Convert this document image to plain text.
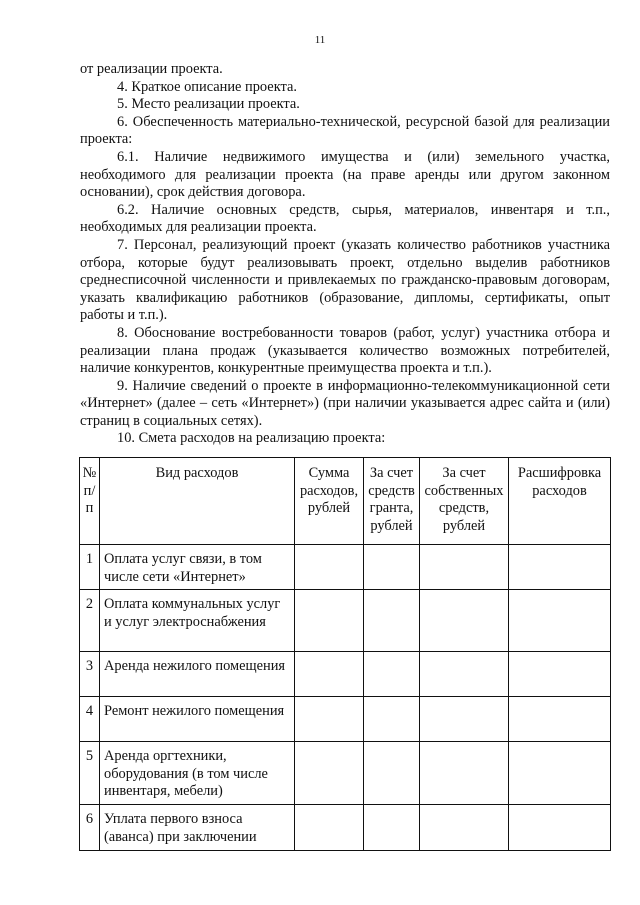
11

от реализации проекта.

4. Краткое описание проекта.

5. Место реализации проекта.

6. Обеспеченность материально-технической, ресурсной базой для реализации проекта:

6.1. Наличие недвижимого имущества и (или) земельного участка, необходимого для реализации проекта (на праве аренды или другом законном основании), срок действия договора.

6.2. Наличие основных средств, сырья, материалов, инвентаря и т.п., необходимых для реализации проекта.

7. Персонал, реализующий проект (указать количество работников участника отбора, которые будут реализовывать проект, отдельно выделив работников среднесписочной численности и привлекаемых по гражданско-правовым договорам, указать квалификацию работников (образование, дипломы, сертификаты, опыт работы и т.п.).

8. Обоснование востребованности товаров (работ, услуг) участника отбора и реализации плана продаж (указывается количество возможных потребителей, наличие конкурентов, конкурентные преимущества проекта и т.п.).

9. Наличие сведений о проекте в информационно-телекоммуникационной сети «Интернет» (далее – сеть «Интернет») (при наличии указывается адрес сайта и (или) страниц в социальных сетях).

10. Смета расходов на реализацию проекта:

№ п/п	Вид расходов	Сумма расходов, рублей	За счет средств гранта, рублей	За счет собственных средств, рублей	Расшифровка расходов
1	Оплата услуг связи, в том числе сети «Интернет»				
2	Оплата коммунальных услуг и услуг электроснабжения				
3	Аренда нежилого помещения				
4	Ремонт нежилого помещения				
5	Аренда оргтехники, оборудования (в том числе инвентаря, мебели)				
6	Уплата первого взноса (аванса) при заключении				
